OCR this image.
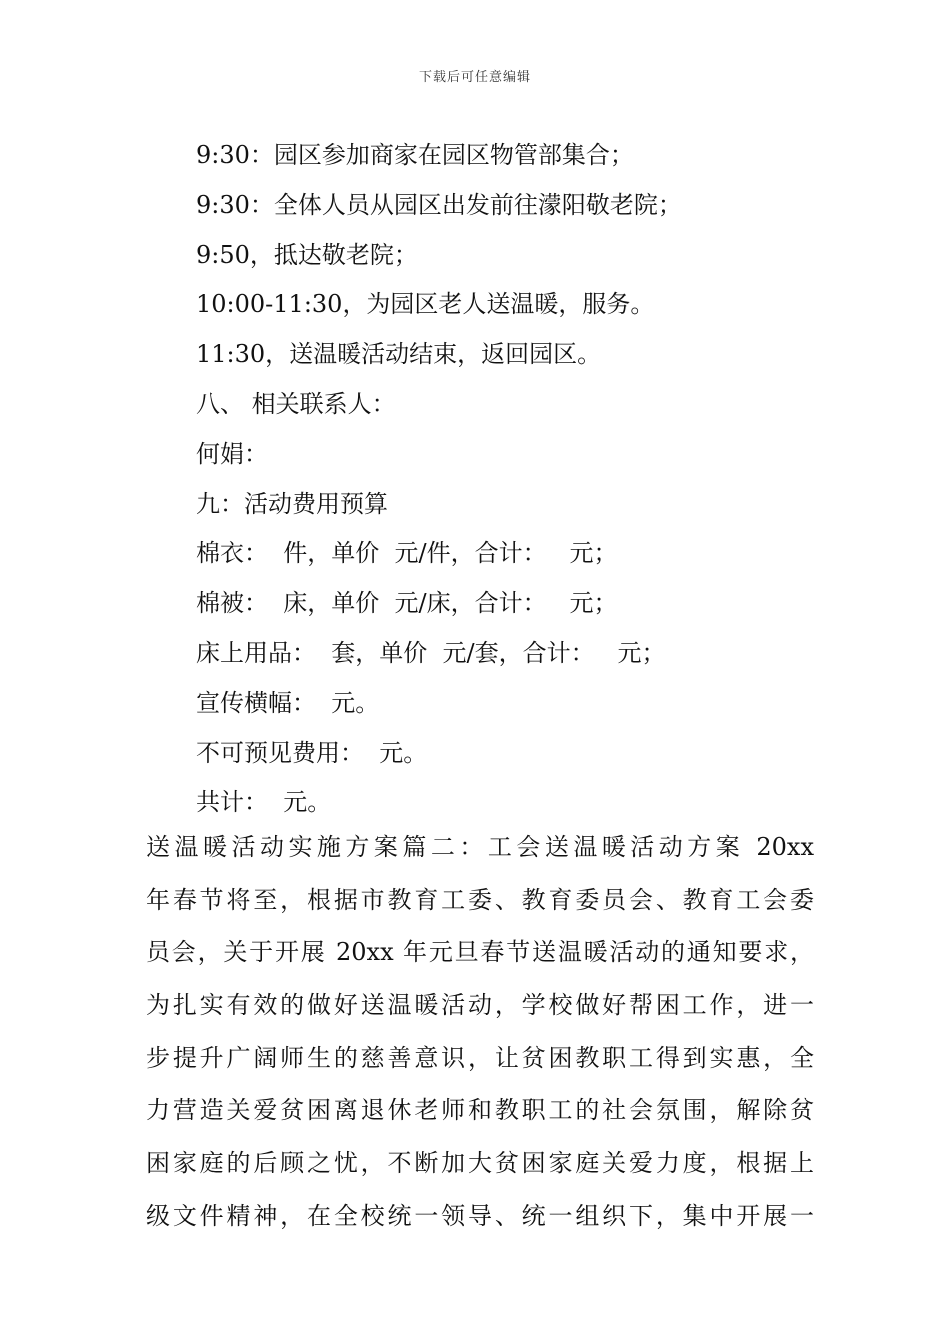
下载后可任意编辑
9:30：园区参加商家在园区物管部集合；
9:30：全体人员从园区出发前往濛阳敬老院；
9:50，抵达敬老院；
10:00-11:30，为园区老人送温暖，服务。
11:30，送温暖活动结束，返回园区。
八、 相关联系人：
何娟：
九：活动费用预算
棉衣：  件，单价  元/件，合计：   元；
棉被：  床，单价  元/床，合计：   元；
床上用品：  套，单价  元/套，合计：   元；
宣传横幅：  元。
不可预见费用：  元。
共计：  元。
送温暖活动实施方案篇二：工会送温暖活动方案 20xx
年春节将至，根据市教育工委、教育委员会、教育工会委
员会，关于开展 20xx 年元旦春节送温暖活动的通知要求，
为扎实有效的做好送温暖活动，学校做好帮困工作，进一
步提升广阔师生的慈善意识，让贫困教职工得到实惠，全
力营造关爱贫困离退休老师和教职工的社会氛围，解除贫
困家庭的后顾之忧，不断加大贫困家庭关爱力度，根据上
级文件精神，在全校统一领导、统一组织下，集中开展一
